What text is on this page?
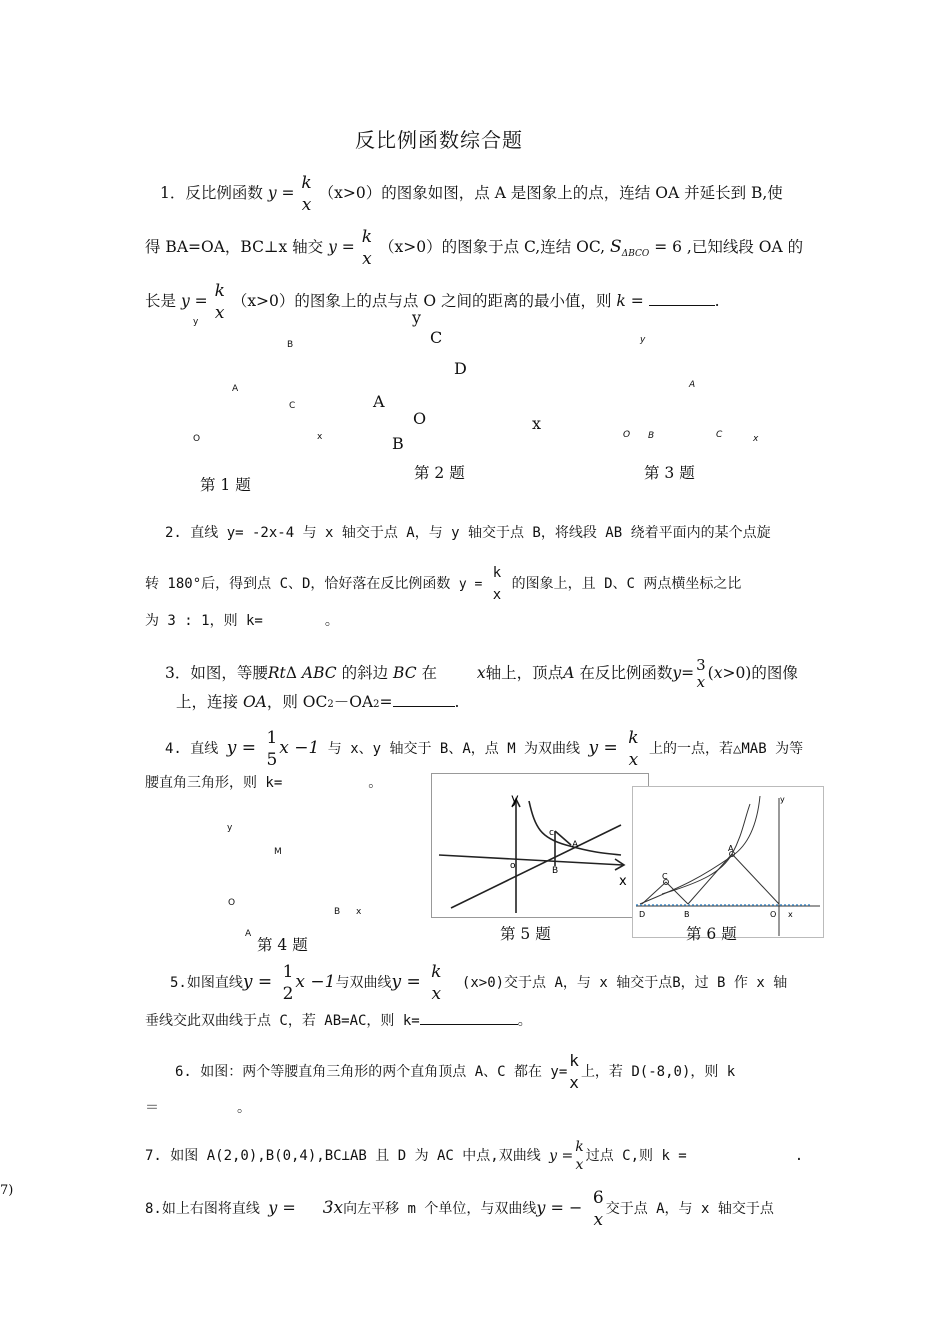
反比例函数综合题
1．反比例函数 y = k
x
（x>0）的图象如图，点 A 是图象上的点，连结 OA 并延长到 B,使
得 BA=OA，BC⊥x 轴交 y = k
x
（x>0）的图象于点 C,连结 OC, $S_{\Delta BCO} = 6$ ,已知线段 OA 的
长是 y = k
x
（x>0）的图象上的点与点 O 之间的距离的最小值，则 k =	.
y
B
A
C
O	x
第 1 题
y
C
D
A
O	x
B
第 2 题
y
A
O B	C	x
第 3 题
2. 直线 y= -2x-4 与 x 轴交于点 A，与 y 轴交于点 B，将线段 AB 绕着平面内的某个点旋
转 180°后，得到点 C、D，恰好落在反比例函数 y =
k
x
的图象上，且 D、C 两点横坐标之比
为 3 : 1，则 k=	。
3．如图，等腰RtΔ ABC 的斜边 BC 在	x轴上，顶点A 在反比例函数y= 3
x (x>0)的图像
上，连接 OA，则 OC2－OA2=	.
4. 直线 y = 1
5
x −1 与 x、y 轴交于 B、A，点 M 为双曲线 y = k
x
上的一点，若△MAB 为等
腰直角三角形，则 k=	。
y
M
O
B x
A
第 4 题
y
x
c
A
o	B
第 5 题
y
C
A
D	B	O x
第 6 题
5.如图直线y = 1
2
x −1与双曲线y = k
x
(x>0)交于点 A，与 x 轴交于点B，过 B 作 x 轴
垂线交此双曲线于点 C，若 AB=AC，则 k=	。
6. 如图：两个等腰直角三角形的两个直角顶点 A、C 都在 y=
k
x
上，若 D(-8,0)，则 k
＝	。
7. 如图 A(2,0),B(0,4),BC⊥AB 且 D 为 AC 中点,双曲线 y =
k
x
过点 C,则 k =	.
7)
8.如上右图将直线 y = 3x向左平移 m 个单位，与双曲线y = − 6
x
交于点 A，与 x 轴交于点
